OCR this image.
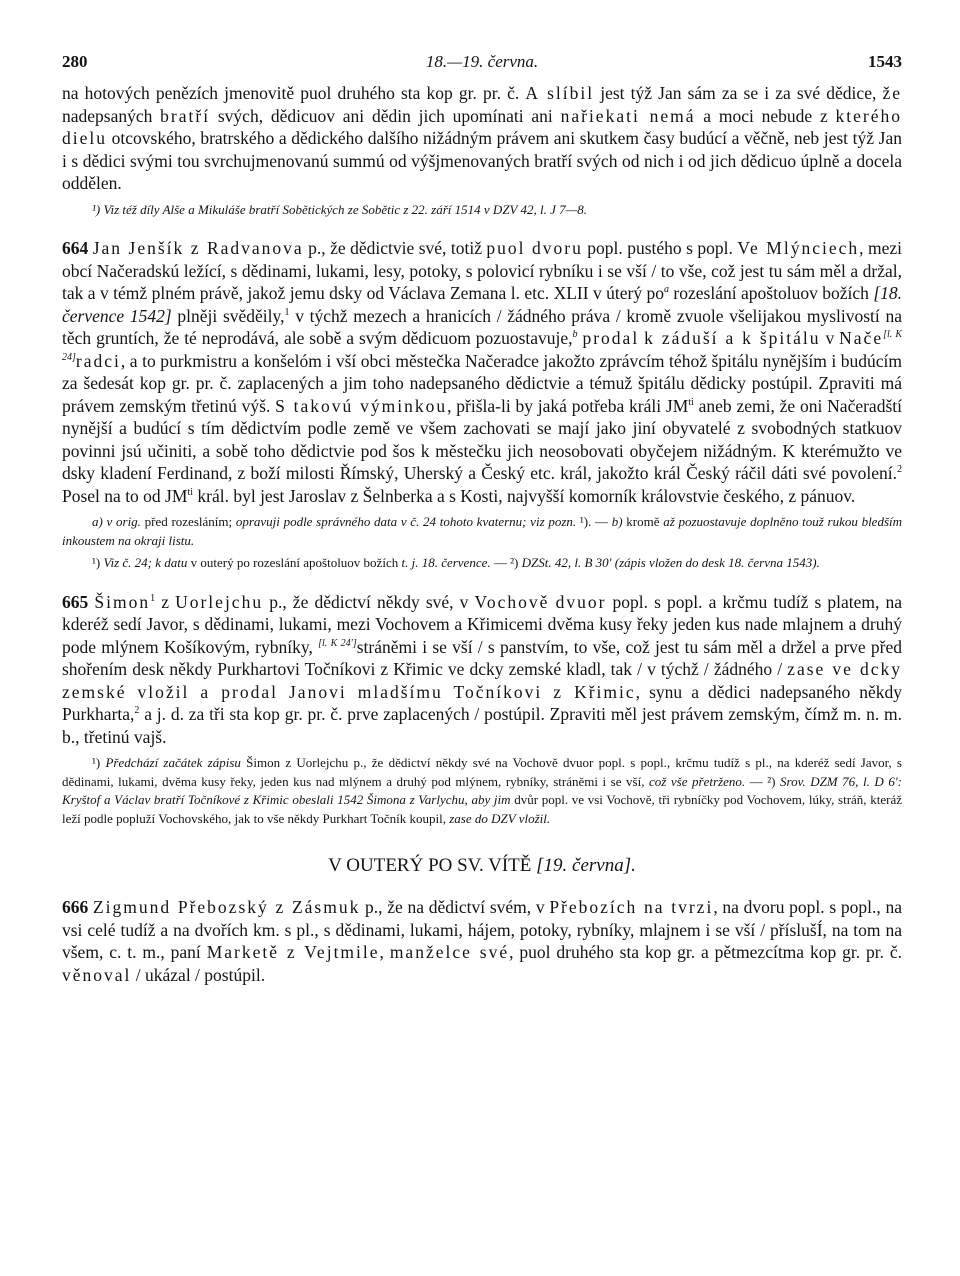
280	18.—19. června.	1543

na hotových penězích jmenovitě puol druhého sta kop gr. pr. č. A slíbil jest týž Jan sám za se i za své dědice, že nadepsaných bratří svých, dědicuov ani dědin jich upomínati ani nařiekati nemá a moci nebude z kterého dielu otcovského, bratrského a dědického dalšího nižádným právem ani skutkem časy budúcí a věčně, neb jest týž Jan i s dědici svými tou svrchujmenovanú summú od výšjmenovaných bratří svých od nich i od jich dědicuo úplně a docela oddělen.

¹) Viz též díly Alše a Mikuláše bratří Sobětických ze Sobětic z 22. září 1514 v DZV 42, l. J 7—8.

664 Jan Jenšík z Radvanova p., že dědictvie své, totiž puol dvoru popl. pustého s popl. Ve Mlýnciech, mezi obcí Načeradskú ležící, s dědinami, lukami, lesy, potoky, s polovicí rybníku i se vší / to vše, což jest tu sám měl a držal, tak a v témž plném právě, jakož jemu dsky od Václava Zemana l. etc. XLII v úterý $po^a$ rozeslání apoštoluov božích [18. července 1542] plněji svěděily,$^1$ v týchž mezech a hranicích / žádného práva / kromě zvuole všelijakou myslivostí na těch gruntích, že té neprodává, ale sobě a svým dědicuom pozuostavuje,$^b$ prodal k záduší a k špitálu v Nače[l. K 24]radci, a to purkmistru a konšelóm i vší obci městečka Načeradce jakožto zprávcím téhož špitálu nynějším i budúcím za šedesát kop gr. pr. č. zaplacených a jim toho nadepsaného dědictvie a témuž špitálu dědicky postúpil. Zpraviti má právem zemským třetinú výš. S takovú výminkou, přišla-li by jaká potřeba králi $JM^{ti}$ aneb zemi, že oni Načeradští nynější a budúcí s tím dědictvím podle země ve všem zachovati se mají jako jiní obyvatelé z svobodných statkuov povinni jsú učiniti, a sobě toho dědictvie pod šos k městečku jich neosobovati obyčejem nižádným. K kterémužto ve dsky kladení Ferdinand, z boží milosti Římský, Uherský a Český etc. král, jakožto král Český ráčil dáti své povolení.$^2$ Posel na to od $JM^{ti}$ král. byl jest Jaroslav z Šelnberka a s Kosti, najvyšší komorník královstvie českého, z pánuov.

a) v orig. před rozesláním; opravuji podle správného data v č. 24 tohoto kvaternu; viz pozn. ¹). — b) kromě až pozuostavuje doplněno touž rukou bledším inkoustem na okraji listu.

¹) Viz č. 24; k datu v outerý po rozeslání apoštoluov božích t. j. 18. července. — ²) DZSt. 42, l. B 30′ (zápis vložen do desk 18. června 1543).

665 Šimon$^1$ z Uorlejchu p., že dědictví někdy své, v Vochově dvuor popl. s popl. a krčmu tudíž s platem, na kderéž sedí Javor, s dědinami, lukami, mezi Vochovem a Křimicemi dvěma kusy řeky jeden kus nade mlajnem a druhý pode mlýnem Košíkovým, rybníky, [l. K 24′]stráněmi i se vší / s panstvím, to vše, což jest tu sám měl a držel a prve před shořením desk někdy Purkhartovi Točníkovi z Křimic ve dcky zemské kladl, tak / v týchž / žádného / zase ve dcky zemské vložil a prodal Janovi mladšímu Točníkovi z Křimic, synu a dědici nadepsaného někdy Purkharta,$^2$ a j. d. za tři sta kop gr. pr. č. prve zaplacených / postúpil. Zpraviti měl jest právem zemským, čímž m. n. m. b., třetinú vajš.

¹) Předchází začátek zápisu Šimon z Uorlejchu p., že dědictví někdy své na Vochově dvuor popl. s popl., krčmu tudíž s pl., na kderéž sedí Javor, s dědinami, lukami, dvěma kusy řeky, jeden kus nad mlýnem a druhý pod mlýnem, rybníky, stráněmi i se vší, což vše přetrženo. — ²) Srov. DZM 76, l. D 6′: Kryštof a Václav bratří Točníkové z Křimic obeslali 1542 Šimona z Varlychu, aby jim dvůr popl. ve vsi Vochově, tři rybníčky pod Vochovem, lúky, stráň, kteráž leží podle popluží Vochovského, jak to vše někdy Purkhart Točník koupil, zase do DZV vložil.

V OUTERÝ PO SV. VÍTĚ [19. června].

666 Zigmund Přebozský z Zásmuk p., že na dědictví svém, v Přebozích na tvrzi, na dvoru popl. s popl., na vsi celé tudíž a na dvořích km. s pl., s dědinami, lukami, hájem, potoky, rybníky, mlajnem i se vší / příslušÍ, na tom na všem, c. t. m., paní Marketě z Vejtmile, manželce své, puol druhého sta kop gr. a pětmezcítma kop gr. pr. č. věnoval / ukázal / postúpil.
